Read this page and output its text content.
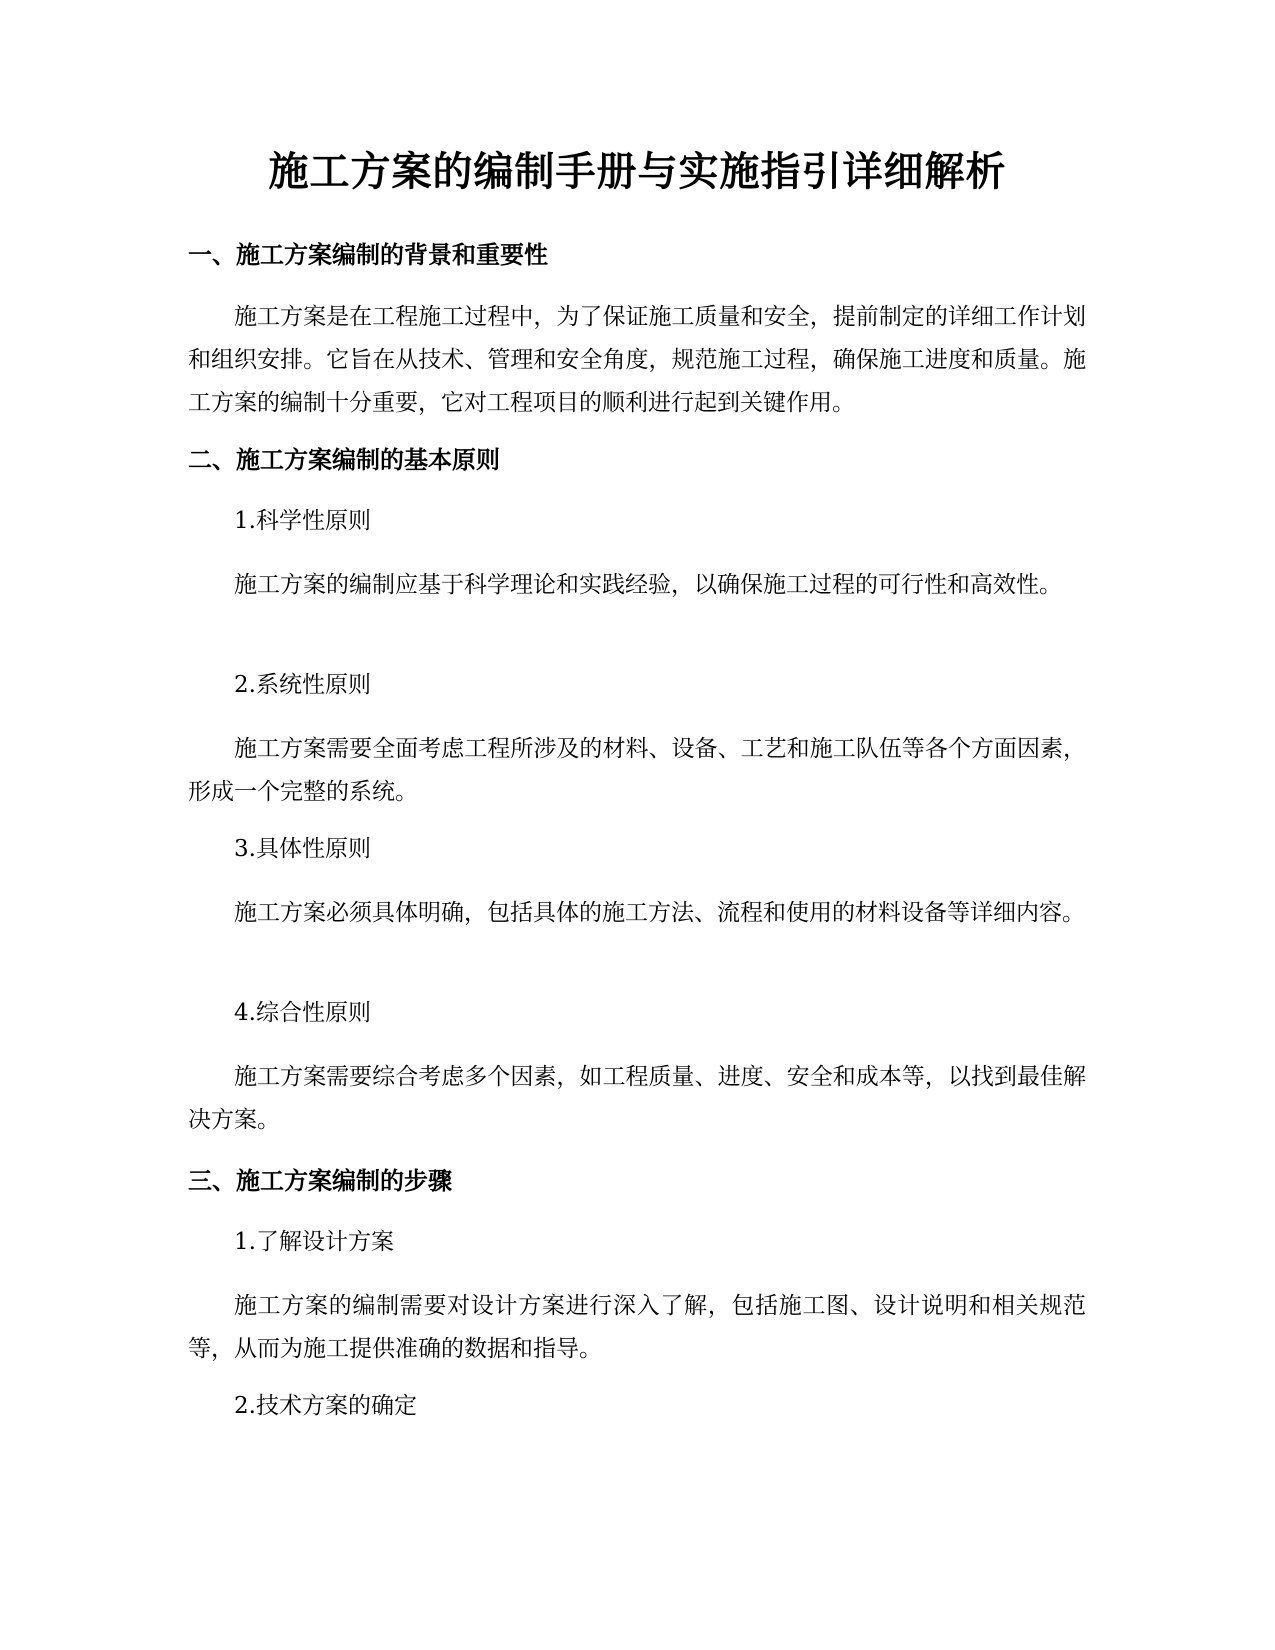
施工方案的编制手册与实施指引详细解析
一、施工方案编制的背景和重要性
施工方案是在工程施工过程中，为了保证施工质量和安全，提前制定的详细工作计划和组织安排。它旨在从技术、管理和安全角度，规范施工过程，确保施工进度和质量。施工方案的编制十分重要，它对工程项目的顺利进行起到关键作用。
二、施工方案编制的基本原则
1.科学性原则
施工方案的编制应基于科学理论和实践经验，以确保施工过程的可行性和高效性。
2.系统性原则
施工方案需要全面考虑工程所涉及的材料、设备、工艺和施工队伍等各个方面因素，形成一个完整的系统。
3.具体性原则
施工方案必须具体明确，包括具体的施工方法、流程和使用的材料设备等详细内容。
4.综合性原则
施工方案需要综合考虑多个因素，如工程质量、进度、安全和成本等，以找到最佳解决方案。
三、施工方案编制的步骤
1.了解设计方案
施工方案的编制需要对设计方案进行深入了解，包括施工图、设计说明和相关规范等，从而为施工提供准确的数据和指导。
2.技术方案的确定
